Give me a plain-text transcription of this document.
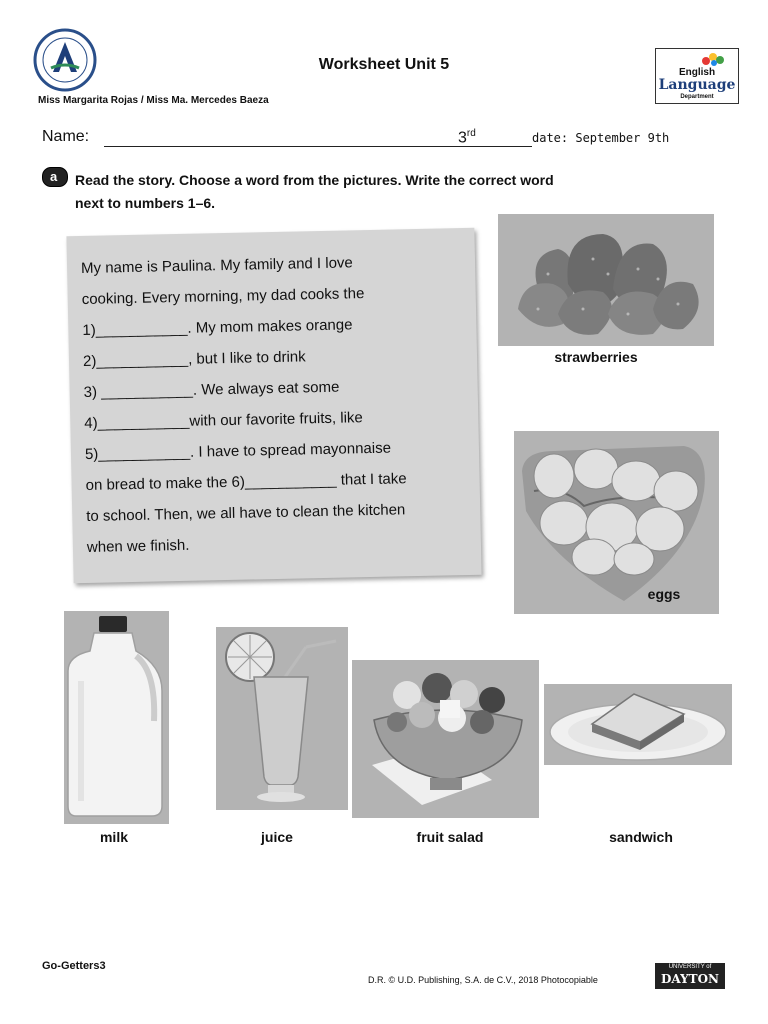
Worksheet Unit 5
Miss Margarita Rojas / Miss Ma. Mercedes Baeza
English
Language
Department
Name:	3rd	date: September 9th
a Read the story. Choose a word from the pictures. Write the correct word
next to numbers 1–6.

My name is Paulina. My family and I love

cooking. Every morning, my dad cooks the

1)___________. My mom makes orange

2)___________, but I like to drink

3) ___________. We always eat some

4)___________with our favorite fruits, like

5)___________. I have to spread mayonnaise

on bread to make the 6)___________ that I take

to school. Then, we all have to clean the kitchen

when we finish.

strawberries
eggs
milk	juice	fruit salad	sandwich
Go-Getters3
D.R. © U.D. Publishing, S.A. de C.V., 2018 Photocopiable
UNIVERSITY of
DAYTON
